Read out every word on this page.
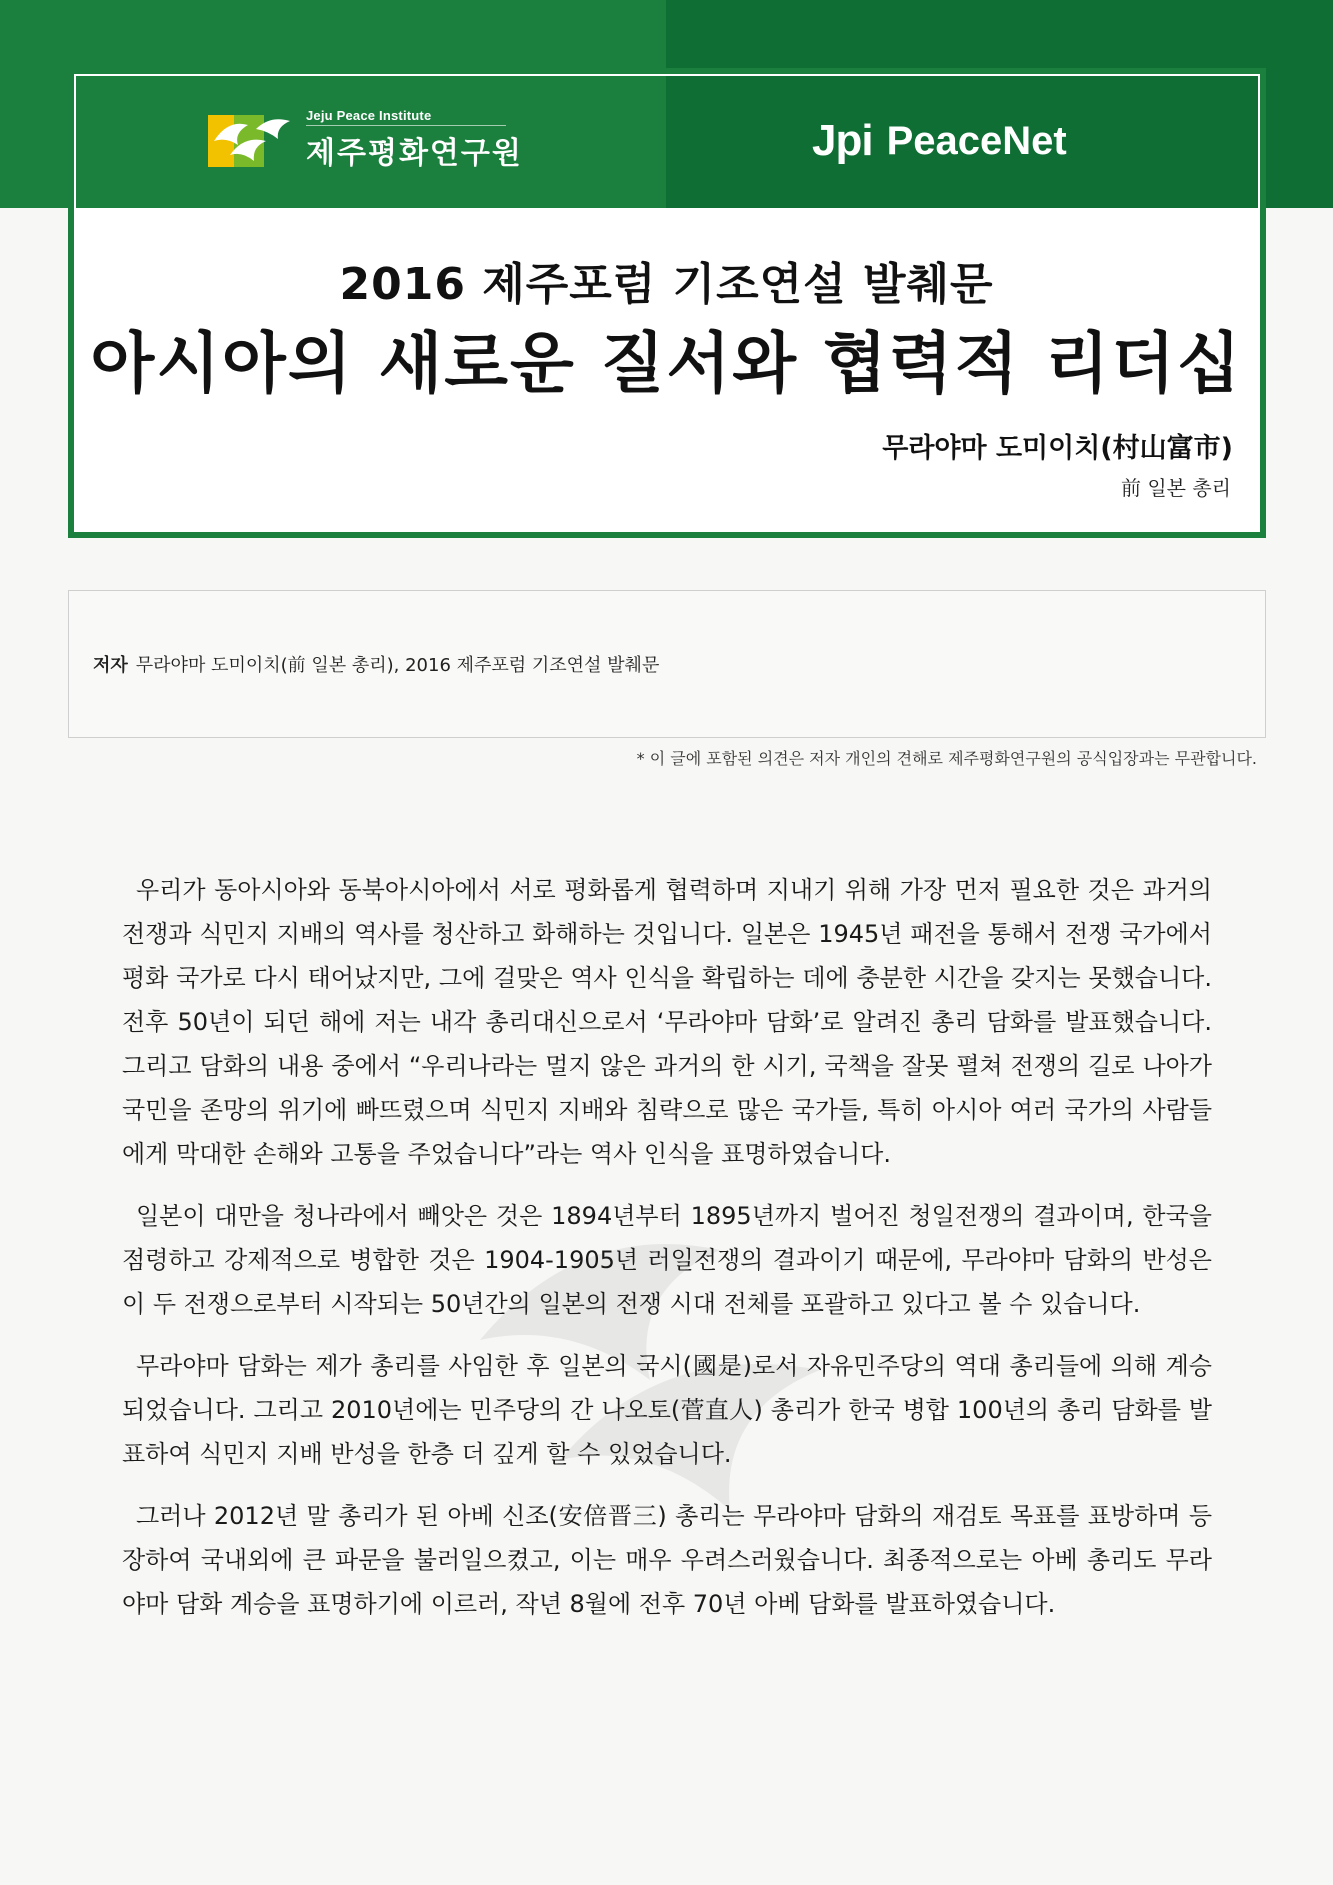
Jeju Peace Institute
제주평화연구원	Jpi PeaceNet
2016 제주포럼 기조연설 발췌문
아시아의 새로운 질서와 협력적 리더십
무라야마 도미이치(村山富市)
前 일본 총리
저자 무라야마 도미이치(前 일본 총리), 2016 제주포럼 기조연설 발췌문
* 이 글에 포함된 의견은 저자 개인의 견해로 제주평화연구원의 공식입장과는 무관합니다.

우리가 동아시아와 동북아시아에서 서로 평화롭게 협력하며 지내기 위해 가장 먼저 필요한 것은 과거의 전쟁과 식민지 지배의 역사를 청산하고 화해하는 것입니다. 일본은 1945년 패전을 통해서 전쟁 국가에서 평화 국가로 다시 태어났지만, 그에 걸맞은 역사 인식을 확립하는 데에 충분한 시간을 갖지는 못했습니다. 전후 50년이 되던 해에 저는 내각 총리대신으로서 ‘무라야마 담화’로 알려진 총리 담화를 발표했습니다. 그리고 담화의 내용 중에서 “우리나라는 멀지 않은 과거의 한 시기, 국책을 잘못 펼쳐 전쟁의 길로 나아가 국민을 존망의 위기에 빠뜨렸으며 식민지 지배와 침략으로 많은 국가들, 특히 아시아 여러 국가의 사람들에게 막대한 손해와 고통을 주었습니다”라는 역사 인식을 표명하였습니다.

일본이 대만을 청나라에서 빼앗은 것은 1894년부터 1895년까지 벌어진 청일전쟁의 결과이며, 한국을 점령하고 강제적으로 병합한 것은 1904-1905년 러일전쟁의 결과이기 때문에, 무라야마 담화의 반성은 이 두 전쟁으로부터 시작되는 50년간의 일본의 전쟁 시대 전체를 포괄하고 있다고 볼 수 있습니다.

무라야마 담화는 제가 총리를 사임한 후 일본의 국시(國是)로서 자유민주당의 역대 총리들에 의해 계승되었습니다. 그리고 2010년에는 민주당의 간 나오토(菅直人) 총리가 한국 병합 100년의 총리 담화를 발표하여 식민지 지배 반성을 한층 더 깊게 할 수 있었습니다.

그러나 2012년 말 총리가 된 아베 신조(安倍晋三) 총리는 무라야마 담화의 재검토 목표를 표방하며 등장하여 국내외에 큰 파문을 불러일으켰고, 이는 매우 우려스러웠습니다. 최종적으로는 아베 총리도 무라야마 담화 계승을 표명하기에 이르러, 작년 8월에 전후 70년 아베 담화를 발표하였습니다.
